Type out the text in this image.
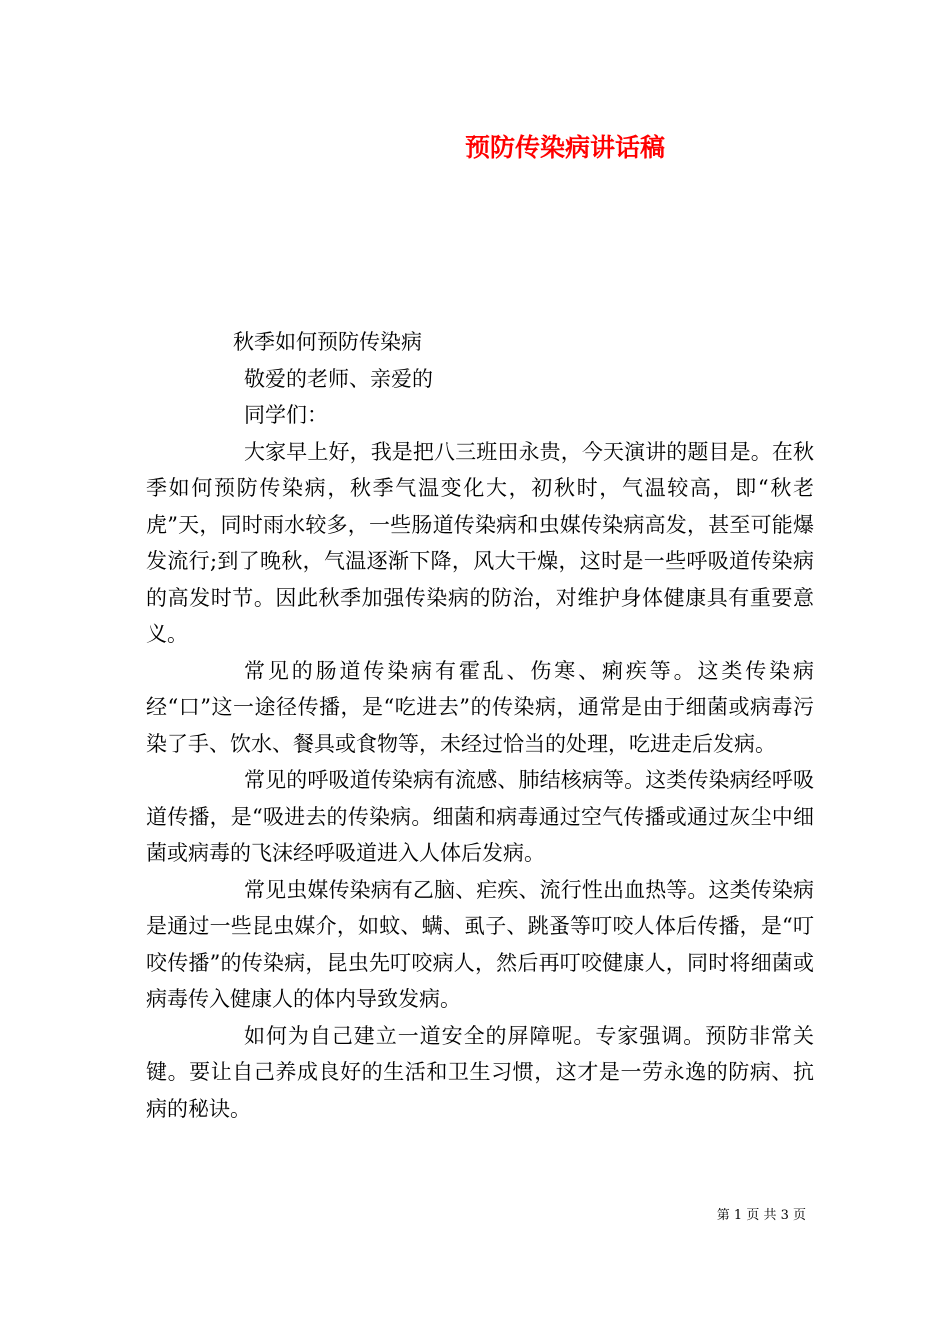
预防传染病讲话稿
秋季如何预防传染病
敬爱的老师、亲爱的
同学们：

大家早上好，我是把八三班田永贵，今天演讲的题目是。在秋季如何预防传染病，秋季气温变化大，初秋时，气温较高，即“秋老虎”天，同时雨水较多，一些肠道传染病和虫媒传染病高发，甚至可能爆发流行;到了晚秋，气温逐渐下降，风大干燥，这时是一些呼吸道传染病的高发时节。因此秋季加强传染病的防治，对维护身体健康具有重要意义。

常见的肠道传染病有霍乱、伤寒、痢疾等。这类传染病经“口”这一途径传播，是“吃进去”的传染病，通常是由于细菌或病毒污染了手、饮水、餐具或食物等，未经过恰当的处理，吃进走后发病。

常见的呼吸道传染病有流感、肺结核病等。这类传染病经呼吸道传播，是“吸进去的传染病。细菌和病毒通过空气传播或通过灰尘中细菌或病毒的飞沫经呼吸道进入人体后发病。

常见虫媒传染病有乙脑、疟疾、流行性出血热等。这类传染病是通过一些昆虫媒介，如蚊、螨、虱子、跳蚤等叮咬人体后传播，是“叮咬传播”的传染病，昆虫先叮咬病人，然后再叮咬健康人，同时将细菌或病毒传入健康人的体内导致发病。

如何为自己建立一道安全的屏障呢。专家强调。预防非常关键。要让自己养成良好的生活和卫生习惯，这才是一劳永逸的防病、抗病的秘诀。

第 1 页 共 3 页
